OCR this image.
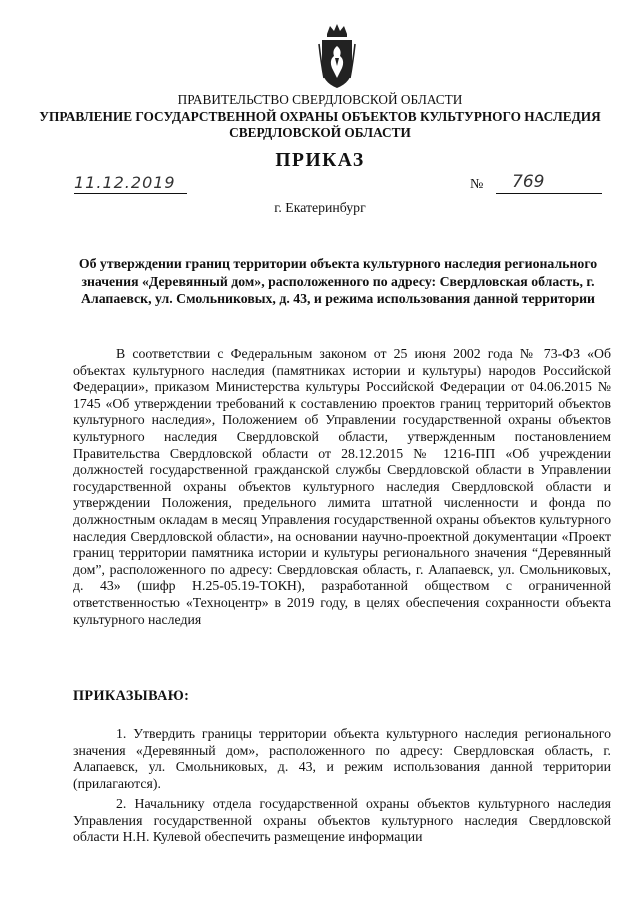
ПРАВИТЕЛЬСТВО СВЕРДЛОВСКОЙ ОБЛАСТИ
УПРАВЛЕНИЕ ГОСУДАРСТВЕННОЙ ОХРАНЫ ОБЪЕКТОВ КУЛЬТУРНОГО НАСЛЕДИЯ СВЕРДЛОВСКОЙ ОБЛАСТИ
ПРИКАЗ
11.12.2019	№ 769
г. Екатеринбург
Об утверждении границ территории объекта культурного наследия регионального значения «Деревянный дом», расположенного по адресу: Свердловская область, г. Алапаевск, ул. Смольниковых, д. 43, и режима использования данной территории
В соответствии с Федеральным законом от 25 июня 2002 года № 73-ФЗ «Об объектах культурного наследия (памятниках истории и культуры) народов Российской Федерации», приказом Министерства культуры Российской Федерации от 04.06.2015 № 1745 «Об утверждении требований к составлению проектов границ территорий объектов культурного наследия», Положением об Управлении государственной охраны объектов культурного наследия Свердловской области, утвержденным постановлением Правительства Свердловской области от 28.12.2015 № 1216-ПП «Об учреждении должностей государственной гражданской службы Свердловской области в Управлении государственной охраны объектов культурного наследия Свердловской области и утверждении Положения, предельного лимита штатной численности и фонда по должностным окладам в месяц Управления государственной охраны объектов культурного наследия Свердловской области», на основании научно-проектной документации «Проект границ территории памятника истории и культуры регионального значения “Деревянный дом”, расположенного по адресу: Свердловская область, г. Алапаевск, ул. Смольниковых, д. 43» (шифр Н.25-05.19-ТОКН), разработанной обществом с ограниченной ответственностью «Техноцентр» в 2019 году, в целях обеспечения сохранности объекта культурного наследия
ПРИКАЗЫВАЮ:
1. Утвердить границы территории объекта культурного наследия регионального значения «Деревянный дом», расположенного по адресу: Свердловская область, г. Алапаевск, ул. Смольниковых, д. 43, и режим использования данной территории (прилагаются).
2. Начальнику отдела государственной охраны объектов культурного наследия Управления государственной охраны объектов культурного наследия Свердловской области Н.Н. Кулевой обеспечить размещение информации
